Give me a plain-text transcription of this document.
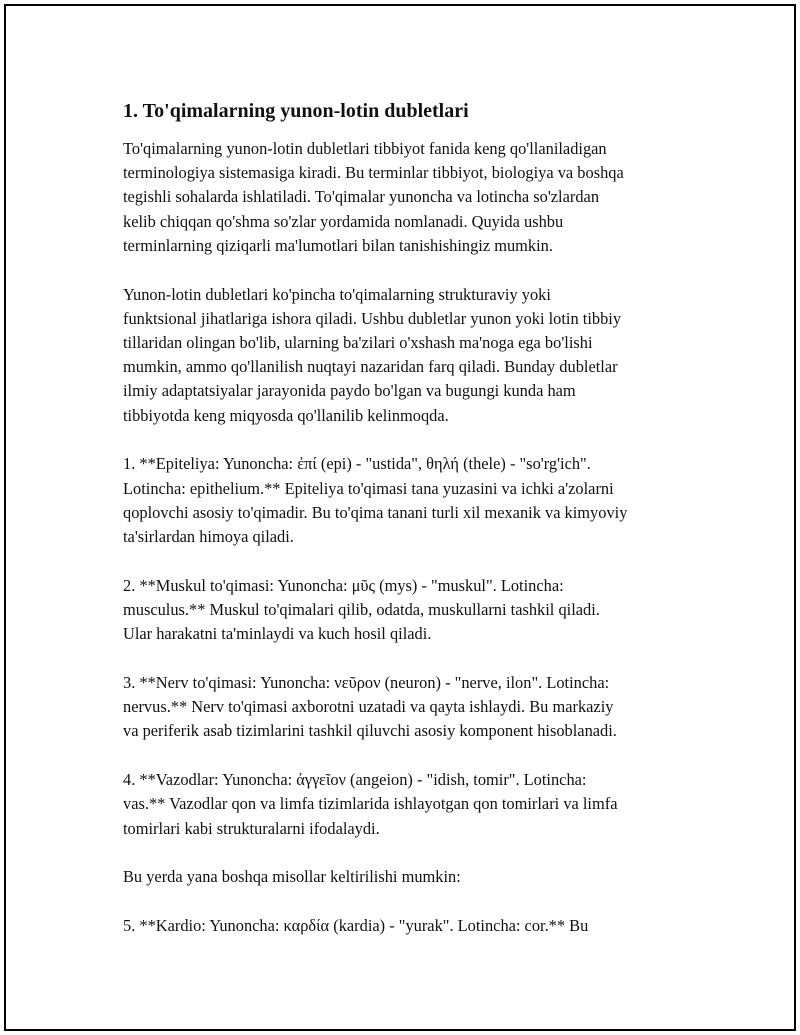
1. To'qimalarning yunon-lotin dubletlari

To'qimalarning yunon-lotin dubletlari tibbiyot fanida keng qo'llaniladigan
terminologiya sistemasiga kiradi. Bu terminlar tibbiyot, biologiya va boshqa
tegishli sohalarda ishlatiladi. To'qimalar yunoncha va lotincha so'zlardan
kelib chiqqan qo'shma so'zlar yordamida nomlanadi. Quyida ushbu
terminlarning qiziqarli ma'lumotlari bilan tanishishingiz mumkin.

Yunon-lotin dubletlari ko'pincha to'qimalarning strukturaviy yoki
funktsional jihatlariga ishora qiladi. Ushbu dubletlar yunon yoki lotin tibbiy
tillaridan olingan bo'lib, ularning ba'zilari o'xshash ma'noga ega bo'lishi
mumkin, ammo qo'llanilish nuqtayi nazaridan farq qiladi. Bunday dubletlar
ilmiy adaptatsiyalar jarayonida paydo bo'lgan va bugungi kunda ham
tibbiyotda keng miqyosda qo'llanilib kelinmoqda.

1. **Epiteliya: Yunoncha: ἐπί (epi) - "ustida", θηλή (thele) - "so'rg'ich".
Lotincha: epithelium.** Epiteliya to'qimasi tana yuzasini va ichki a'zolarni
qoplovchi asosiy to'qimadir. Bu to'qima tanani turli xil mexanik va kimyoviy
ta'sirlardan himoya qiladi.

2. **Muskul to'qimasi: Yunoncha: μῦς (mys) - "muskul". Lotincha:
musculus.** Muskul to'qimalari qilib, odatda, muskullarni tashkil qiladi.
Ular harakatni ta'minlaydi va kuch hosil qiladi.

3. **Nerv to'qimasi: Yunoncha: νεῦρον (neuron) - "nerve, ilon". Lotincha:
nervus.** Nerv to'qimasi axborotni uzatadi va qayta ishlaydi. Bu markaziy
va periferik asab tizimlarini tashkil qiluvchi asosiy komponent hisoblanadi.

4. **Vazodlar: Yunoncha: ἀγγεῖον (angeion) - "idish, tomir". Lotincha:
vas.** Vazodlar qon va limfa tizimlarida ishlayotgan qon tomirlari va limfa
tomirlari kabi strukturalarni ifodalaydi.

Bu yerda yana boshqa misollar keltirilishi mumkin:

5. **Kardio: Yunoncha: καρδία (kardia) - "yurak". Lotincha: cor.** Bu
